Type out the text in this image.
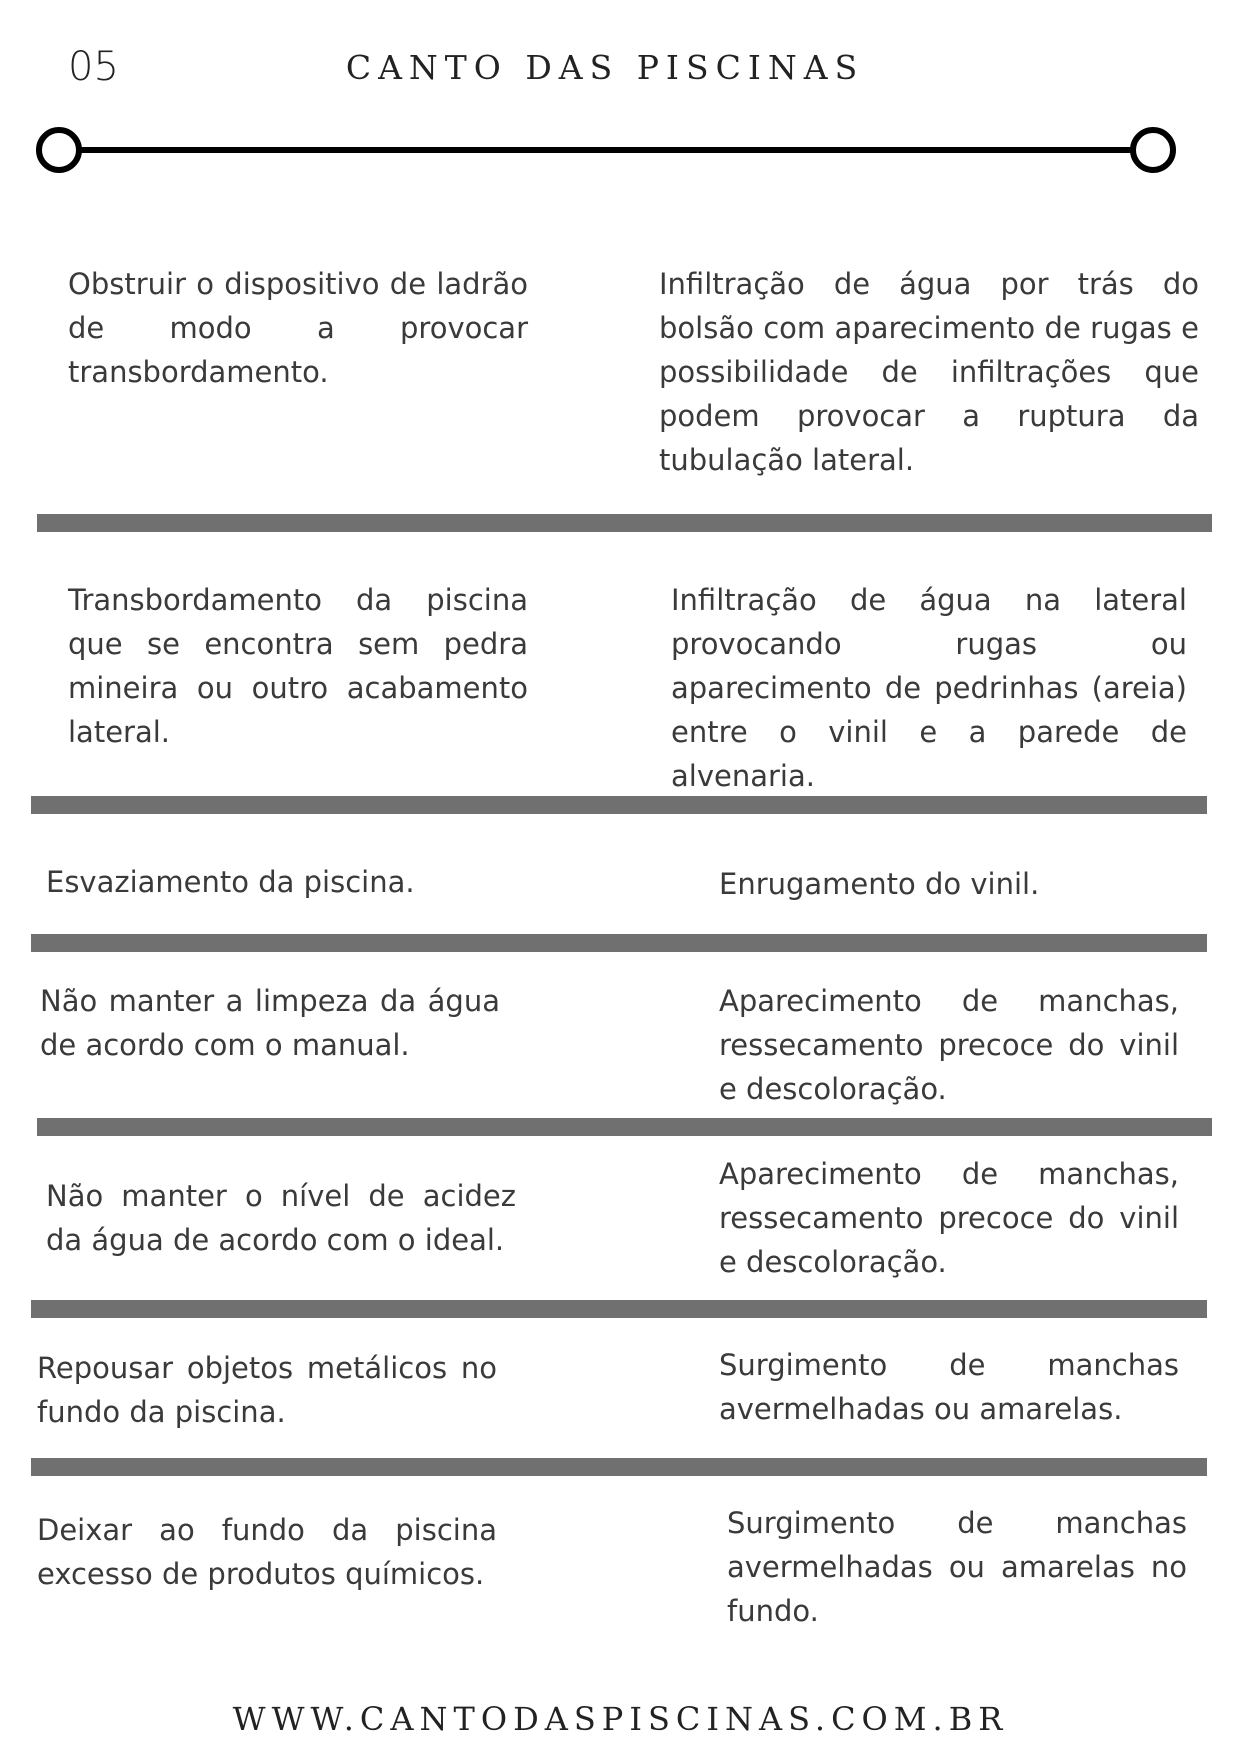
05	CANTO DAS PISCINAS

Obstruir o dispositivo de ladrão de modo a provocar transbordamento.

Infiltração de água por trás do bolsão com aparecimento de rugas e possibilidade de infiltrações que podem provocar a ruptura da tubulação lateral.

Transbordamento da piscina que se encontra sem pedra mineira ou outro acabamento lateral.

Infiltração de água na lateral provocando rugas ou aparecimento de pedrinhas (areia) entre o vinil e a parede de alvenaria.

Esvaziamento da piscina.	Enrugamento do vinil.

Não manter a limpeza da água de acordo com o manual.

Aparecimento de manchas, ressecamento precoce do vinil e descoloração.

Não manter o nível de acidez da água de acordo com o ideal.

Aparecimento de manchas, ressecamento precoce do vinil e descoloração.

Repousar objetos metálicos no fundo da piscina.

Surgimento de manchas avermelhadas ou amarelas.

Deixar ao fundo da piscina excesso de produtos químicos.

Surgimento de manchas avermelhadas ou amarelas no fundo.

WWW.CANTODASPISCINAS.COM.BR
